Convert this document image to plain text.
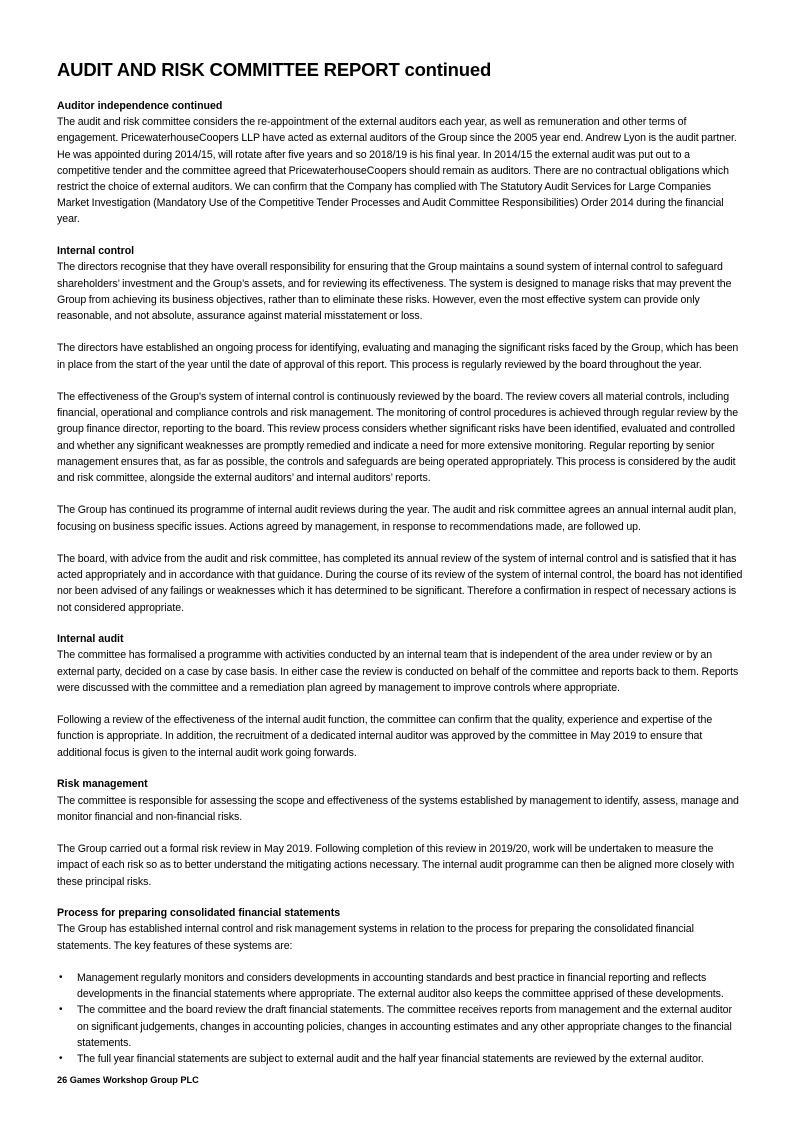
AUDIT AND RISK COMMITTEE REPORT continued
Auditor independence continued

The audit and risk committee considers the re-appointment of the external auditors each year, as well as remuneration and other terms of engagement. PricewaterhouseCoopers LLP have acted as external auditors of the Group since the 2005 year end. Andrew Lyon is the audit partner. He was appointed during 2014/15, will rotate after five years and so 2018/19 is his final year. In 2014/15 the external audit was put out to a competitive tender and the committee agreed that PricewaterhouseCoopers should remain as auditors. There are no contractual obligations which restrict the choice of external auditors. We can confirm that the Company has complied with The Statutory Audit Services for Large Companies Market Investigation (Mandatory Use of the Competitive Tender Processes and Audit Committee Responsibilities) Order 2014 during the financial year.

Internal control

The directors recognise that they have overall responsibility for ensuring that the Group maintains a sound system of internal control to safeguard shareholders’ investment and the Group’s assets, and for reviewing its effectiveness. The system is designed to manage risks that may prevent the Group from achieving its business objectives, rather than to eliminate these risks. However, even the most effective system can provide only reasonable, and not absolute, assurance against material misstatement or loss.

The directors have established an ongoing process for identifying, evaluating and managing the significant risks faced by the Group, which has been in place from the start of the year until the date of approval of this report. This process is regularly reviewed by the board throughout the year.

The effectiveness of the Group's system of internal control is continuously reviewed by the board. The review covers all material controls, including financial, operational and compliance controls and risk management. The monitoring of control procedures is achieved through regular review by the group finance director, reporting to the board. This review process considers whether significant risks have been identified, evaluated and controlled and whether any significant weaknesses are promptly remedied and indicate a need for more extensive monitoring. Regular reporting by senior management ensures that, as far as possible, the controls and safeguards are being operated appropriately. This process is considered by the audit and risk committee, alongside the external auditors’ and internal auditors’ reports.

The Group has continued its programme of internal audit reviews during the year. The audit and risk committee agrees an annual internal audit plan, focusing on business specific issues. Actions agreed by management, in response to recommendations made, are followed up.

The board, with advice from the audit and risk committee, has completed its annual review of the system of internal control and is satisfied that it has acted appropriately and in accordance with that guidance. During the course of its review of the system of internal control, the board has not identified nor been advised of any failings or weaknesses which it has determined to be significant. Therefore a confirmation in respect of necessary actions is not considered appropriate.

Internal audit

The committee has formalised a programme with activities conducted by an internal team that is independent of the area under review or by an external party, decided on a case by case basis. In either case the review is conducted on behalf of the committee and reports back to them. Reports were discussed with the committee and a remediation plan agreed by management to improve controls where appropriate.

Following a review of the effectiveness of the internal audit function, the committee can confirm that the quality, experience and expertise of the function is appropriate. In addition, the recruitment of a dedicated internal auditor was approved by the committee in May 2019 to ensure that additional focus is given to the internal audit work going forwards.

Risk management

The committee is responsible for assessing the scope and effectiveness of the systems established by management to identify, assess, manage and monitor financial and non-financial risks.

The Group carried out a formal risk review in May 2019. Following completion of this review in 2019/20, work will be undertaken to measure the impact of each risk so as to better understand the mitigating actions necessary. The internal audit programme can then be aligned more closely with these principal risks.

Process for preparing consolidated financial statements

The Group has established internal control and risk management systems in relation to the process for preparing the consolidated financial statements. The key features of these systems are:

• Management regularly monitors and considers developments in accounting standards and best practice in financial reporting and reflects developments in the financial statements where appropriate. The external auditor also keeps the committee apprised of these developments.
• The committee and the board review the draft financial statements. The committee receives reports from management and the external auditor on significant judgements, changes in accounting policies, changes in accounting estimates and any other appropriate changes to the financial statements.
• The full year financial statements are subject to external audit and the half year financial statements are reviewed by the external auditor.
26 Games Workshop Group PLC
